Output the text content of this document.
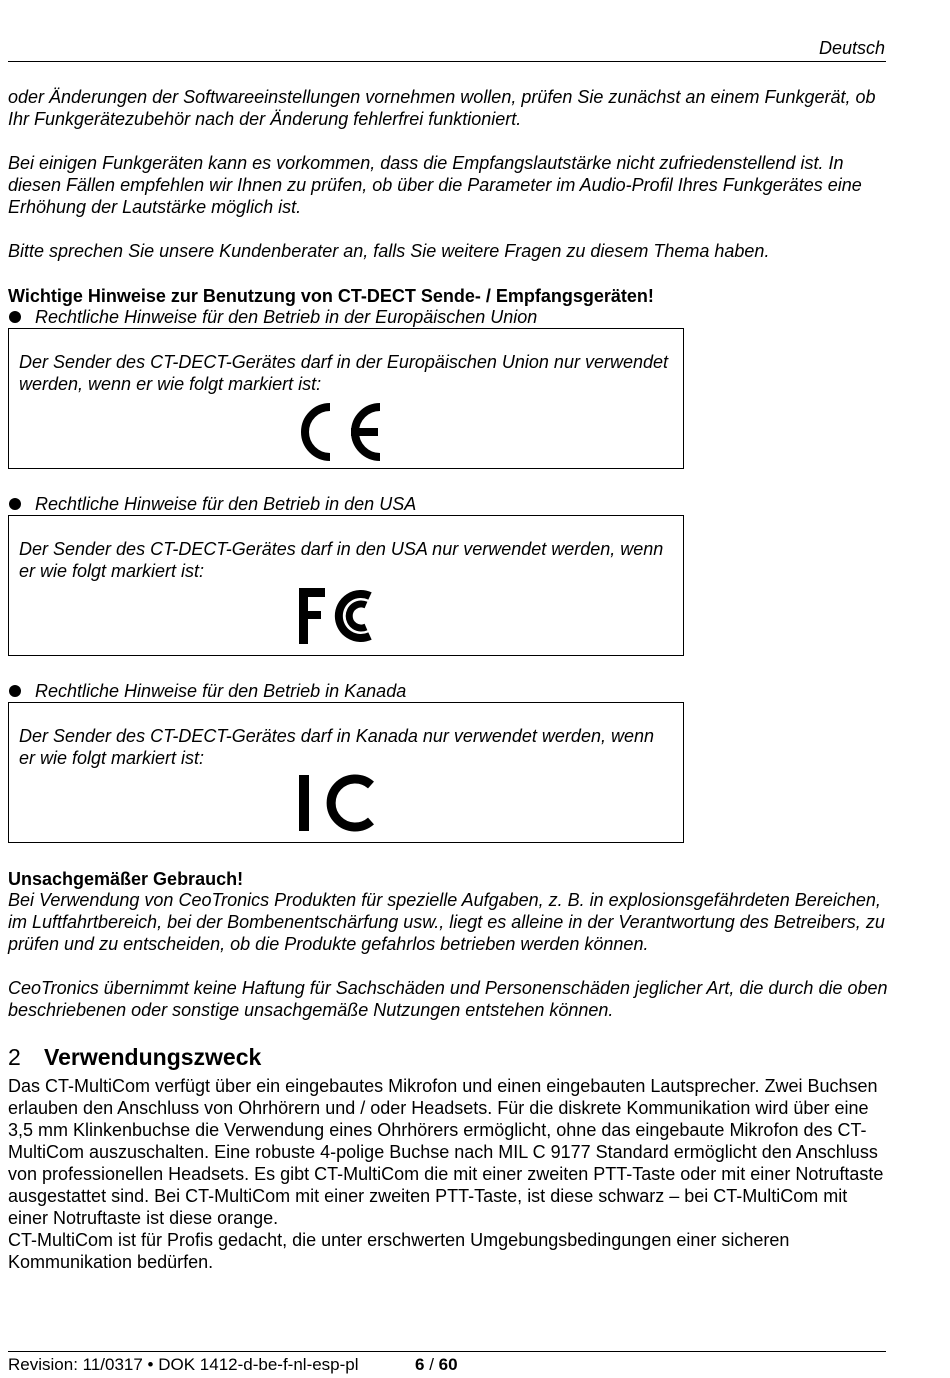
Deutsch

oder Änderungen der Softwareeinstellungen vornehmen wollen, prüfen Sie zunächst an einem Funkgerät, ob Ihr Funkgerätezubehör nach der Änderung fehlerfrei funktioniert.

Bei einigen Funkgeräten kann es vorkommen, dass die Empfangslautstärke nicht zufriedenstellend ist. In diesen Fällen empfehlen wir Ihnen zu prüfen, ob über die Parameter im Audio-Profil Ihres Funkgerätes eine Erhöhung der Lautstärke möglich ist.

Bitte sprechen Sie unsere Kundenberater an, falls Sie weitere Fragen zu diesem Thema haben.

Wichtige Hinweise zur Benutzung von CT-DECT Sende- / Empfangsgeräten!
Rechtliche Hinweise für den Betrieb in der Europäischen Union

Der Sender des CT-DECT-Gerätes darf in der Europäischen Union nur verwendet werden, wenn er wie folgt markiert ist:

Rechtliche Hinweise für den Betrieb in den USA

Der Sender des CT-DECT-Gerätes darf in den USA nur verwendet werden, wenn er wie folgt markiert ist:

Rechtliche Hinweise für den Betrieb in Kanada

Der Sender des CT-DECT-Gerätes darf in Kanada nur verwendet werden, wenn er wie folgt markiert ist:

Unsachgemäßer Gebrauch!

Bei Verwendung von CeoTronics Produkten für spezielle Aufgaben, z. B. in explosionsgefährdeten Bereichen, im Luftfahrtbereich, bei der Bombenentschärfung usw., liegt es alleine in der Verantwortung des Betreibers, zu prüfen und zu entscheiden, ob die Produkte gefahrlos betrieben werden können.

CeoTronics übernimmt keine Haftung für Sachschäden und Personenschäden jeglicher Art, die durch die oben beschriebenen oder sonstige unsachgemäße Nutzungen entstehen können.

2	Verwendungszweck

Das CT-MultiCom verfügt über ein eingebautes Mikrofon und einen eingebauten Lautsprecher. Zwei Buchsen erlauben den Anschluss von Ohrhörern und / oder Headsets. Für die diskrete Kommunikation wird über eine 3,5 mm Klinkenbuchse die Verwendung eines Ohrhörers ermöglicht, ohne das eingebaute Mikrofon des CT-MultiCom auszuschalten. Eine robuste 4-polige Buchse nach MIL C 9177 Standard ermöglicht den Anschluss von professionellen Headsets. Es gibt CT-MultiCom die mit einer zweiten PTT-Taste oder mit einer Notruftaste ausgestattet sind. Bei CT-MultiCom mit einer zweiten PTT-Taste, ist diese schwarz – bei CT-MultiCom mit einer Notruftaste ist diese orange.

CT-MultiCom ist für Profis gedacht, die unter erschwerten Umgebungsbedingungen einer sicheren Kommunikation bedürfen.

Revision: 11/0317 • DOK 1412-d-be-f-nl-esp-pl	6 / 60
